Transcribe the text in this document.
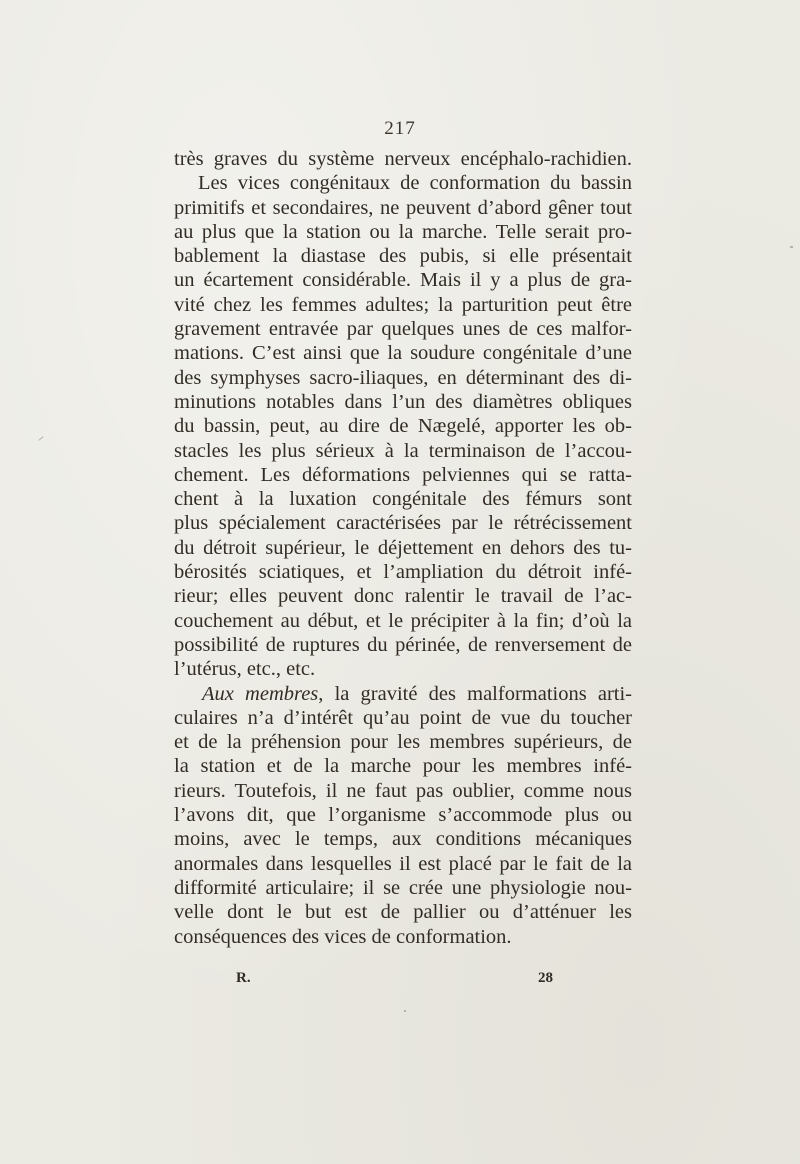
217
très graves du système nerveux encéphalo-rachidien.
Les vices congénitaux de conformation du bassin
primitifs et secondaires, ne peuvent d’abord gêner tout
au plus que la station ou la marche. Telle serait pro-
bablement la diastase des pubis, si elle présentait
un écartement considérable. Mais il y a plus de gra-
vité chez les femmes adultes; la parturition peut être
gravement entravée par quelques unes de ces malfor-
mations. C’est ainsi que la soudure congénitale d’une
des symphyses sacro-iliaques, en déterminant des di-
minutions notables dans l’un des diamètres obliques
du bassin, peut, au dire de Nægelé, apporter les ob-
stacles les plus sérieux à la terminaison de l’accou-
chement. Les déformations pelviennes qui se ratta-
chent à la luxation congénitale des fémurs sont
plus spécialement caractérisées par le rétrécissement
du détroit supérieur, le déjettement en dehors des tu-
bérosités sciatiques, et l’ampliation du détroit infé-
rieur; elles peuvent donc ralentir le travail de l’ac-
couchement au début, et le précipiter à la fin; d’où la
possibilité de ruptures du périnée, de renversement de
l’utérus, etc., etc.
Aux membres, la gravité des malformations arti-
culaires n’a d’intérêt qu’au point de vue du toucher
et de la préhension pour les membres supérieurs, de
la station et de la marche pour les membres infé-
rieurs. Toutefois, il ne faut pas oublier, comme nous
l’avons dit, que l’organisme s’accommode plus ou
moins, avec le temps, aux conditions mécaniques
anormales dans lesquelles il est placé par le fait de la
difformité articulaire; il se crée une physiologie nou-
velle dont le but est de pallier ou d’atténuer les
conséquences des vices de conformation.
R.	28
